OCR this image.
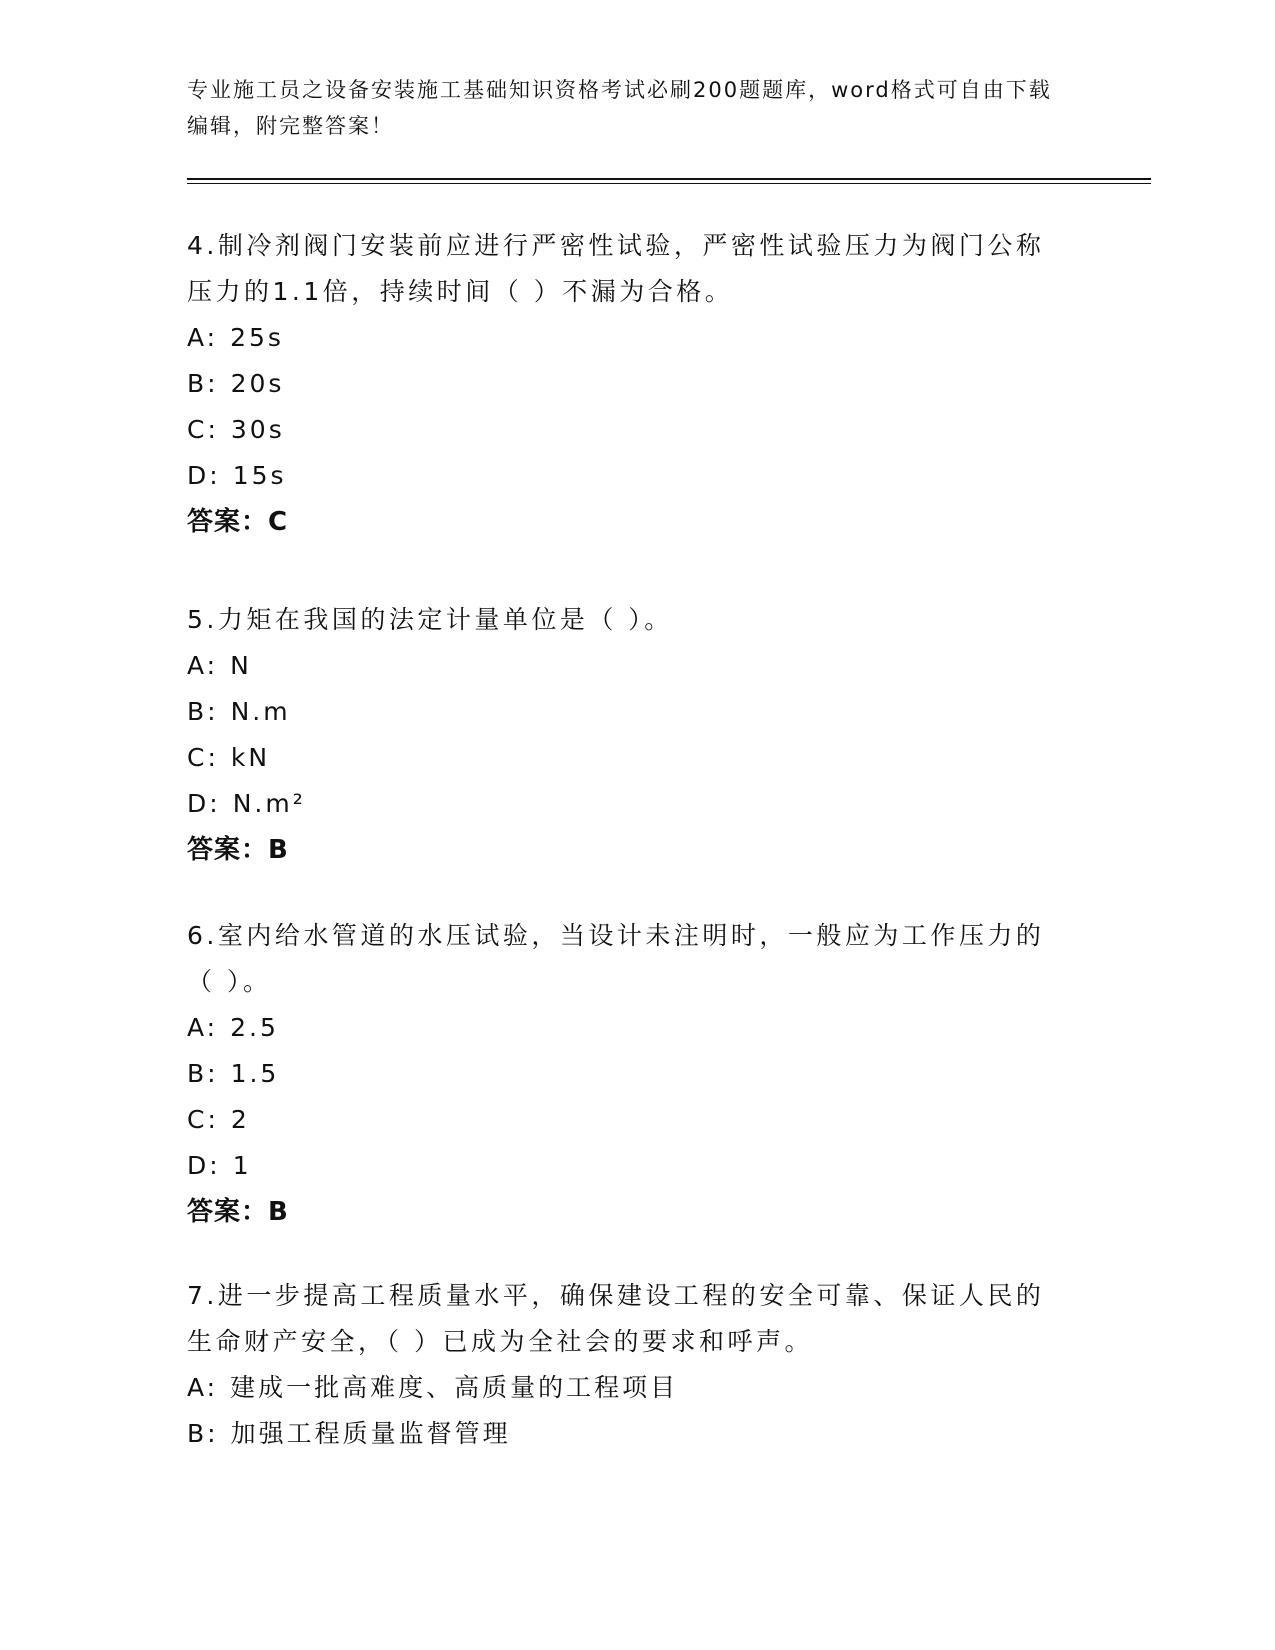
专业施工员之设备安装施工基础知识资格考试必刷200题题库，word格式可自由下载编辑，附完整答案！

4.制冷剂阀门安装前应进行严密性试验，严密性试验压力为阀门公称压力的1.1倍，持续时间（ ）不漏为合格。

A: 25s
B: 20s
C: 30s
D: 15s
答案：C

5.力矩在我国的法定计量单位是（ ）。

A: N
B: N.m
C: kN
D: N.m²
答案：B

6.室内给水管道的水压试验，当设计未注明时，一般应为工作压力的（ ）。

A: 2.5
B: 1.5
C: 2
D: 1
答案：B

7.进一步提高工程质量水平，确保建设工程的安全可靠、保证人民的生命财产安全，（ ）已成为全社会的要求和呼声。

A: 建成一批高难度、高质量的工程项目
B: 加强工程质量监督管理
